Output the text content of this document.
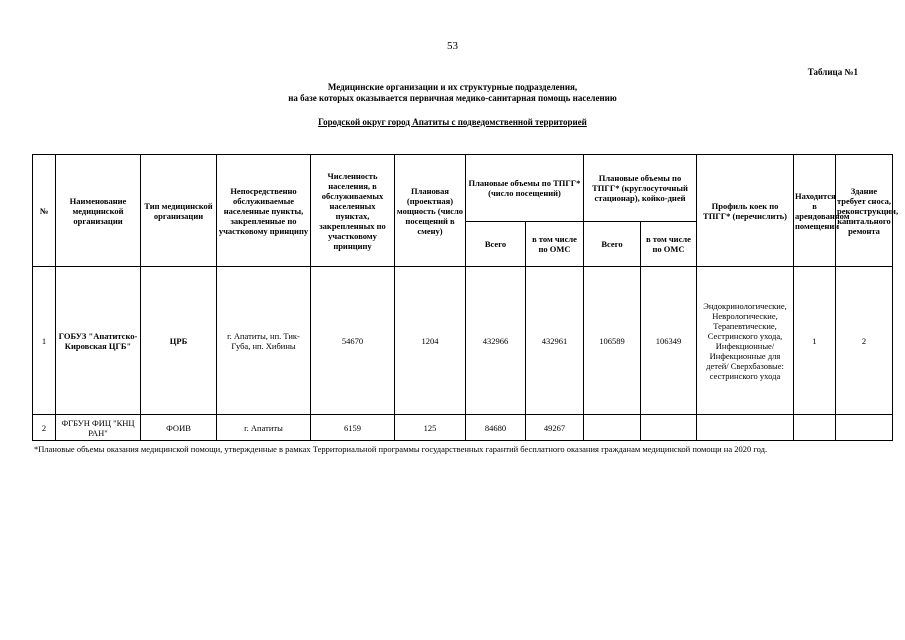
53
Таблица №1
Медицинские организации и их структурные подразделения,
на базе которых оказывается первичная медико-санитарная помощь населению
Городской округ город Апатиты с подведомственной территорией
№	Наименование медицинской организации	Тип медицинской организации	Непосредственно обслуживаемые населенные пункты, закрепленные по участковому принципу	Численность населения, в обслуживаемых населенных пунктах, закрепленных по участковому принципу	Плановая (проектная) мощность (число посещений в смену)	Плановые объемы по ТПГГ* (число посещений)		Плановые объемы по ТПГГ* (круглосуточный стационар), койко-дней		Профиль коек по ТПГГ* (перечислить)	Находится в арендованном помещении	Здание требует сноса, реконструкции, капитального ремонта
						Всего	в том числе по ОМС	Всего	в том числе по ОМС			
1	ГОБУЗ "Апатитско-Кировская ЦГБ"	ЦРБ	г. Апатиты, нп. Тик-Губа, нп. Хибины	54670	1204	432966	432961	106589	106349	Эндокринологические, Неврологические, Терапевтические, Сестринского ухода, Инфекционные/ Инфекционные для детей/ Сверхбазовые: сестринского ухода	1	2
2	ФГБУН ФИЦ "КНЦ РАН"	ФОИВ	г. Апатиты	6159	125	84680	49267					
*Плановые объемы оказания медицинской помощи, утвержденные в рамках Территориальной программы государственных гарантий бесплатного оказания гражданам медицинской помощи на 2020 год.
